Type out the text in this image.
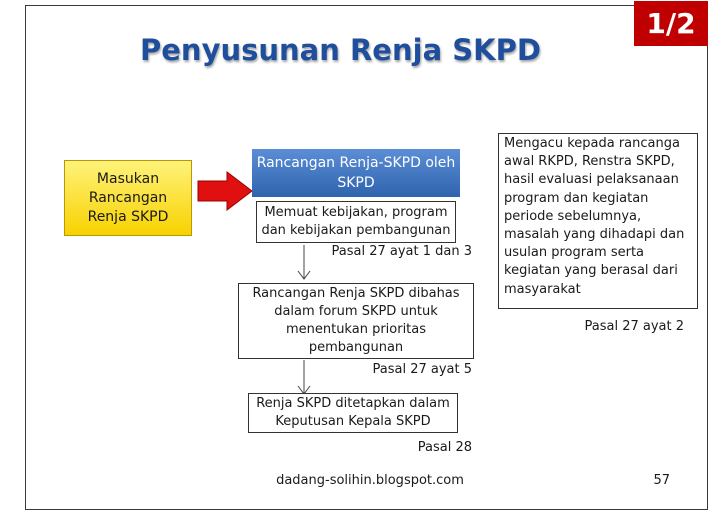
1/2
Penyusunan Renja SKPD
Masukan Rancangan Renja SKPD
Rancangan Renja-SKPD oleh SKPD
Memuat kebijakan, program dan kebijakan pembangunan
Pasal 27 ayat 1 dan 3
Rancangan Renja SKPD dibahas dalam forum SKPD untuk menentukan prioritas pembangunan
Pasal 27 ayat 5
Renja SKPD ditetapkan dalam Keputusan Kepala SKPD
Pasal 28
Mengacu kepada rancanga awal RKPD, Renstra SKPD, hasil evaluasi pelaksanaan program dan kegiatan periode sebelumnya, masalah yang dihadapi dan usulan program serta kegiatan yang berasal dari masyarakat
Pasal 27 ayat 2
dadang-solihin.blogspot.com	57
